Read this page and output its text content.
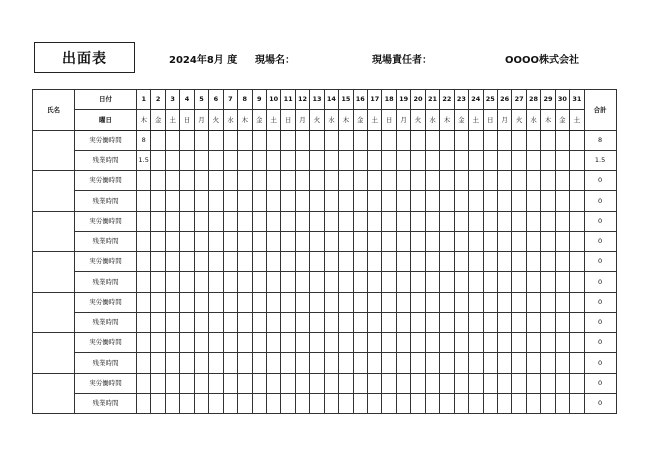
出面表	2024年8月 度 現場名：	現場責任者：	OOOO株式会社
氏名	日付	1	2	3	4	5	6	7	8	9	10	11	12	13	14	15	16	17	18	19	20	21	22	23	24	25	26	27	28	29	30	31	合計
	曜日	木	金	土	日	月	火	水	木	金	土	日	月	火	水	木	金	土	日	月	火	水	木	金	土	日	月	火	水	木	金	土	
	実労働時間	8																															8
	残業時間	1.5																															1.5
	実労働時間																																0
	残業時間																																0
	実労働時間																																0
	残業時間																																0
	実労働時間																																0
	残業時間																																0
	実労働時間																																0
	残業時間																																0
	実労働時間																																0
	残業時間																																0
	実労働時間																																0
	残業時間																																0
